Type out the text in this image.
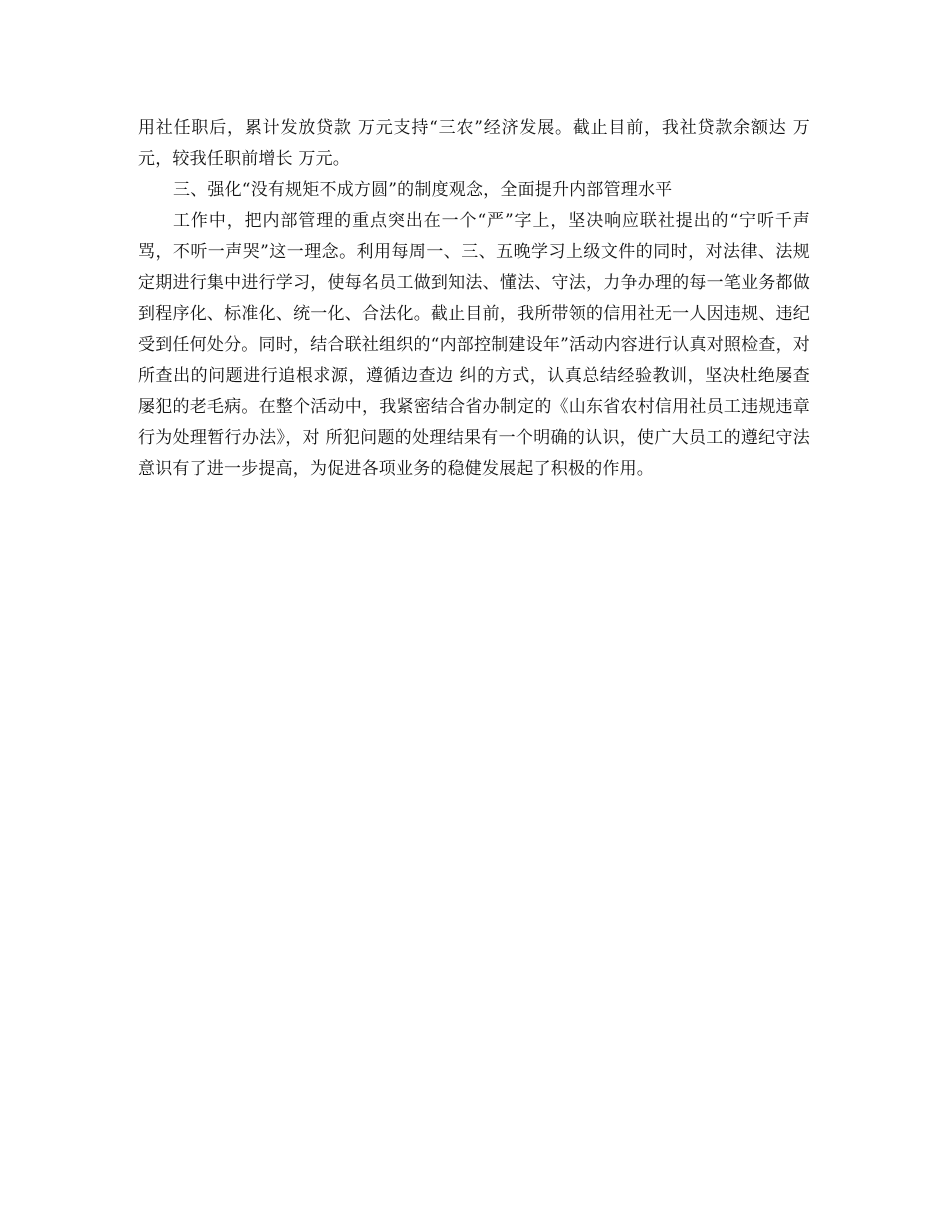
用社任职后，累计发放贷款 万元支持“三农”经济发展。截止目前，我社贷款余额达 万元，较我任职前增长 万元。

三、强化“没有规矩不成方圆”的制度观念，全面提升内部管理水平

工作中，把内部管理的重点突出在一个“严”字上，坚决响应联社提出的“宁听千声骂，不听一声哭”这一理念。利用每周一、三、五晚学习上级文件的同时，对法律、法规定期进行集中进行学习，使每名员工做到知法、懂法、守法，力争办理的每一笔业务都做到程序化、标准化、统一化、合法化。截止目前，我所带领的信用社无一人因违规、违纪受到任何处分。同时，结合联社组织的“内部控制建设年”活动内容进行认真对照检查，对所查出的问题进行追根求源，遵循边查边 纠的方式，认真总结经验教训，坚决杜绝屡查屡犯的老毛病。在整个活动中，我紧密结合省办制定的《山东省农村信用社员工违规违章行为处理暂行办法》，对 所犯问题的处理结果有一个明确的认识，使广大员工的遵纪守法意识有了进一步提高，为促进各项业务的稳健发展起了积极的作用。
